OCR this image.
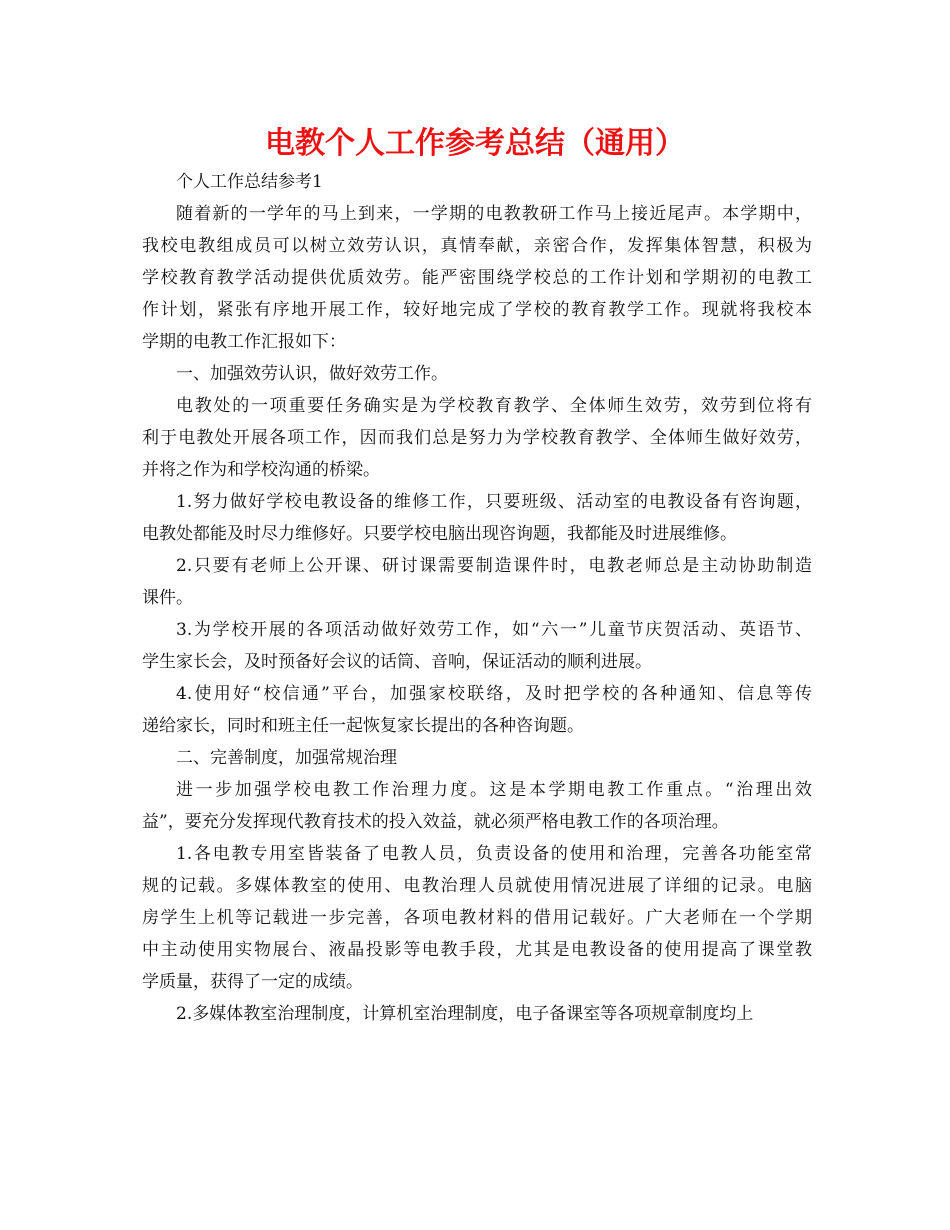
电教个人工作参考总结（通用）
个人工作总结参考1
随着新的一学年的马上到来，一学期的电教教研工作马上接近尾声。本学期中，
我校电教组成员可以树立效劳认识，真情奉献，亲密合作，发挥集体智慧，积极为
学校教育教学活动提供优质效劳。能严密围绕学校总的工作计划和学期初的电教工
作计划，紧张有序地开展工作，较好地完成了学校的教育教学工作。现就将我校本
学期的电教工作汇报如下：
一、加强效劳认识，做好效劳工作。
电教处的一项重要任务确实是为学校教育教学、全体师生效劳，效劳到位将有
利于电教处开展各项工作，因而我们总是努力为学校教育教学、全体师生做好效劳，
并将之作为和学校沟通的桥梁。
1.努力做好学校电教设备的维修工作，只要班级、活动室的电教设备有咨询题，
电教处都能及时尽力维修好。只要学校电脑出现咨询题，我都能及时进展维修。
2.只要有老师上公开课、研讨课需要制造课件时，电教老师总是主动协助制造
课件。
3.为学校开展的各项活动做好效劳工作，如“六一”儿童节庆贺活动、英语节、
学生家长会，及时预备好会议的话筒、音响，保证活动的顺利进展。
4.使用好“校信通”平台，加强家校联络，及时把学校的各种通知、信息等传
递给家长，同时和班主任一起恢复家长提出的各种咨询题。
二、完善制度，加强常规治理
进一步加强学校电教工作治理力度。这是本学期电教工作重点。“治理出效
益”，要充分发挥现代教育技术的投入效益，就必须严格电教工作的各项治理。
1.各电教专用室皆装备了电教人员，负责设备的使用和治理，完善各功能室常
规的记载。多媒体教室的使用、电教治理人员就使用情况进展了详细的记录。电脑
房学生上机等记载进一步完善，各项电教材料的借用记载好。广大老师在一个学期
中主动使用实物展台、液晶投影等电教手段，尤其是电教设备的使用提高了课堂教
学质量，获得了一定的成绩。
2.多媒体教室治理制度，计算机室治理制度，电子备课室等各项规章制度均上
